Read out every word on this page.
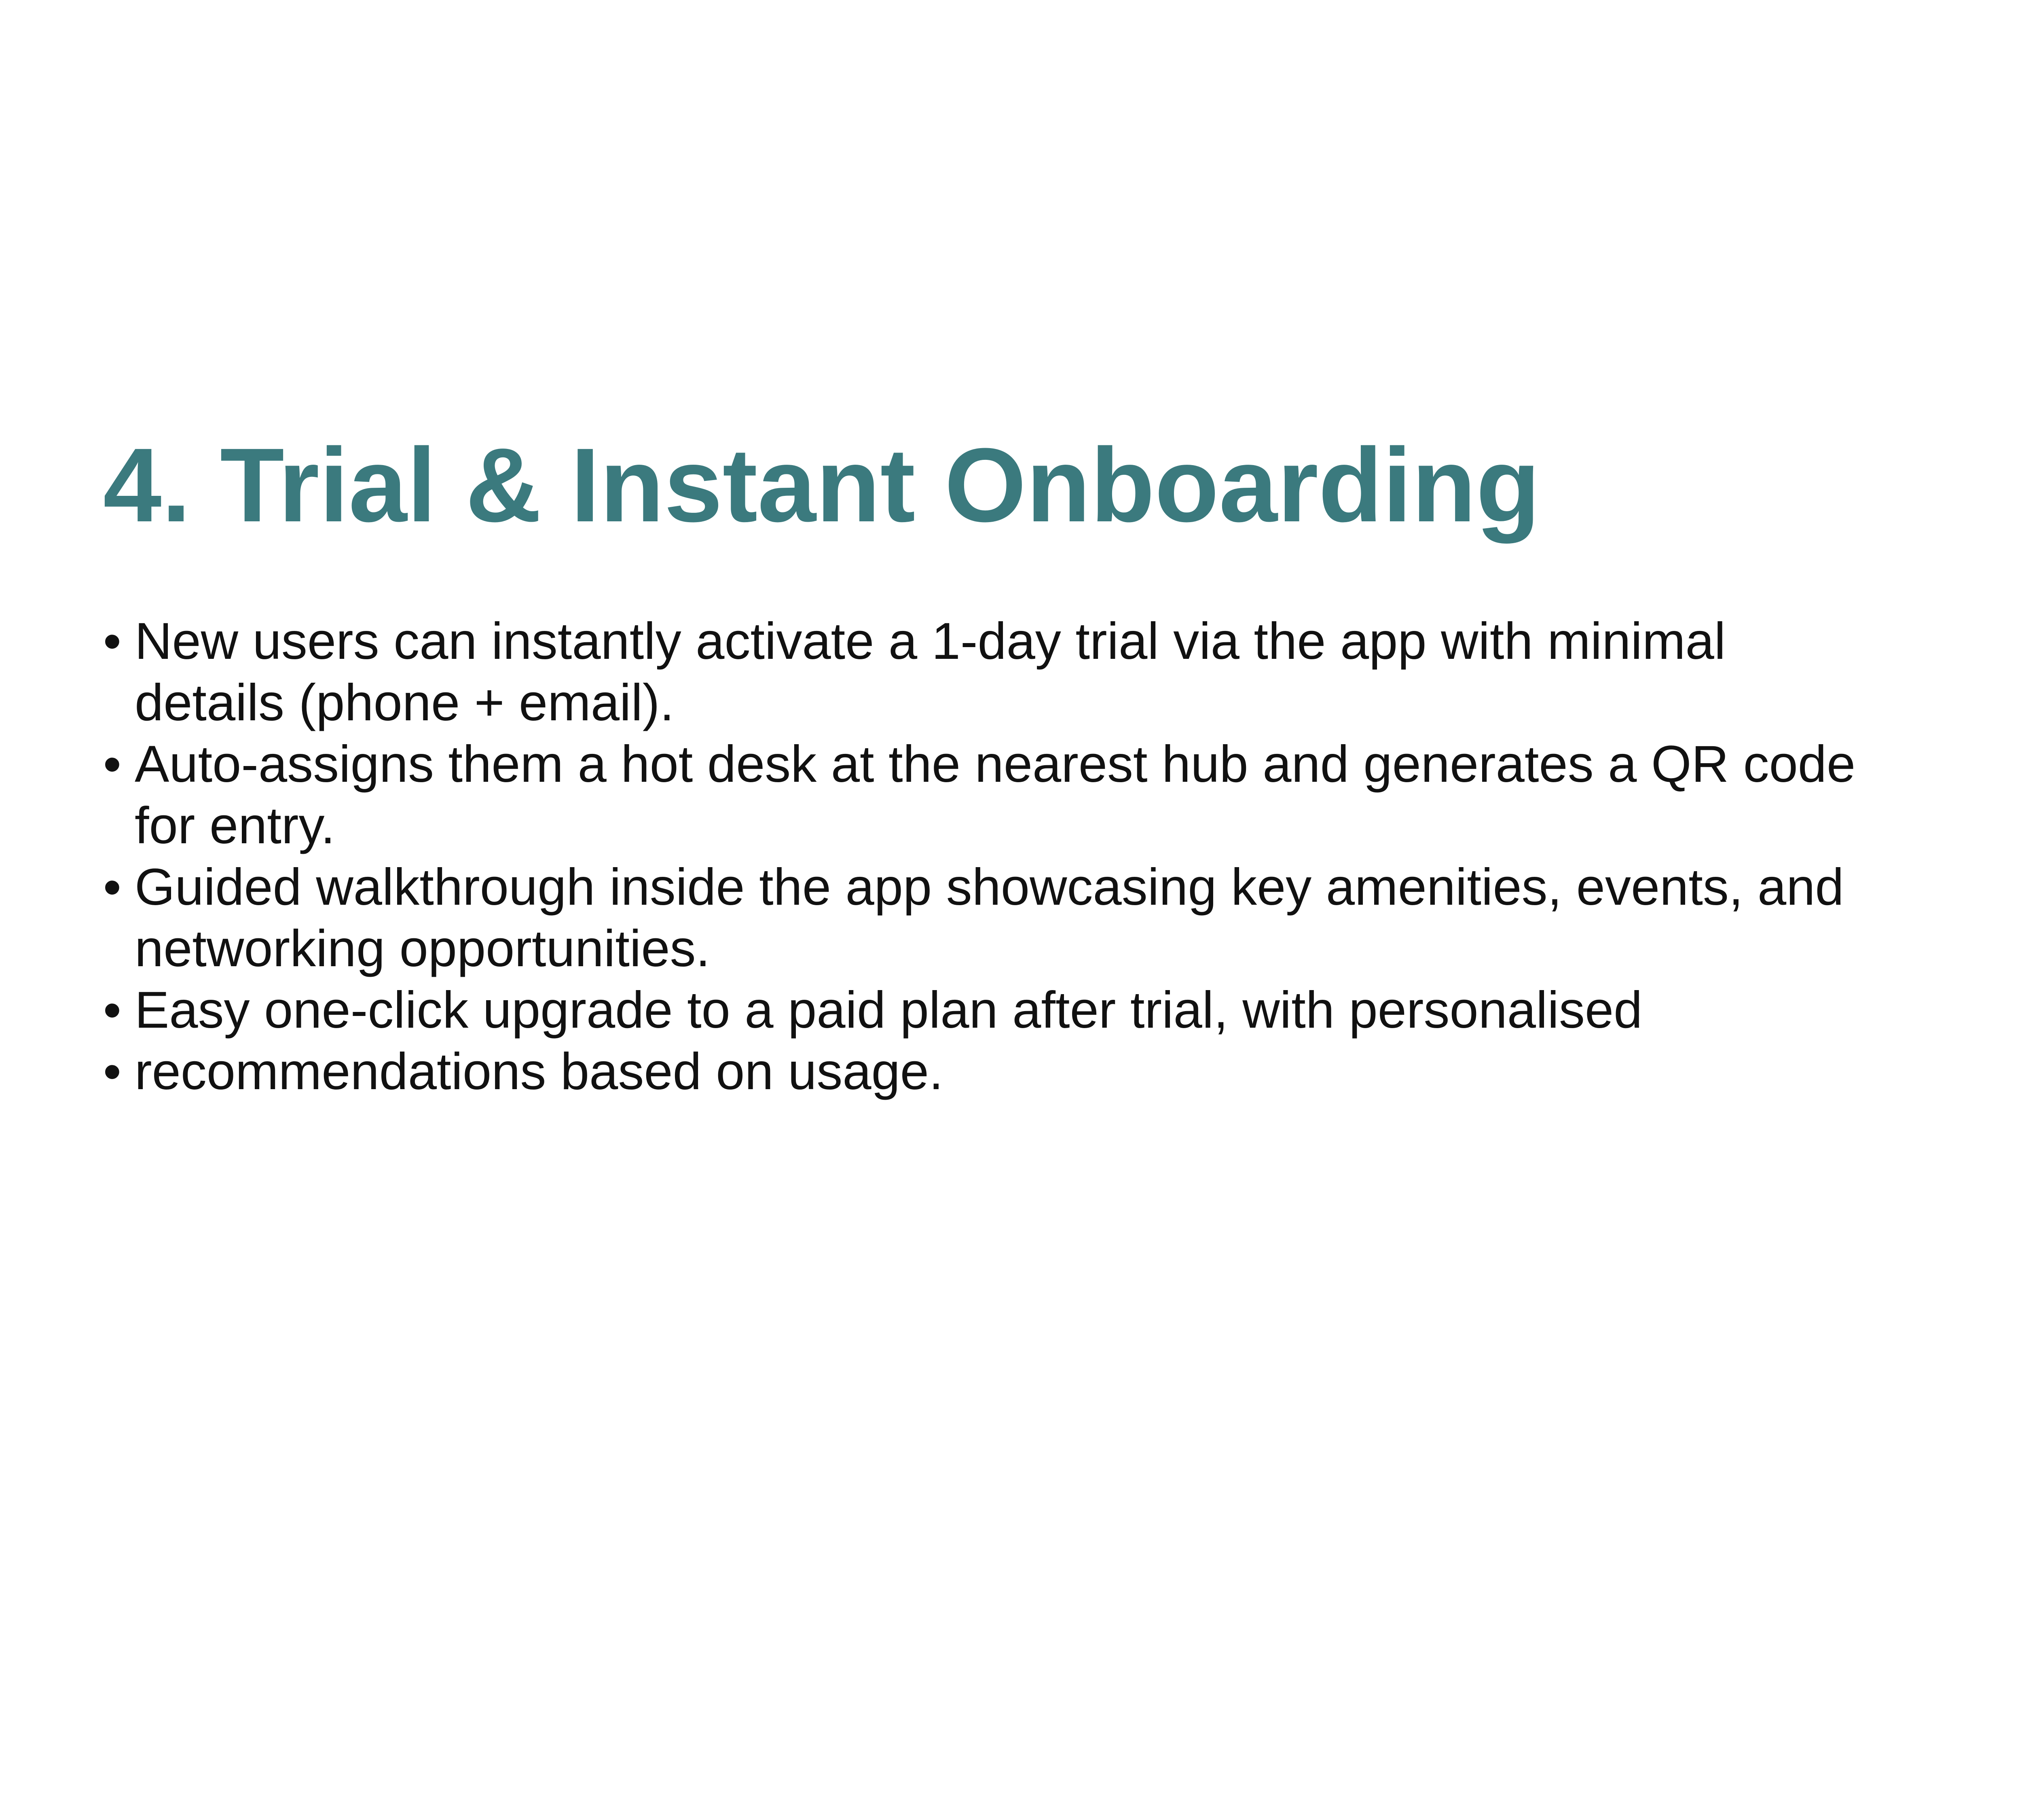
4. Trial & Instant Onboarding
• New users can instantly activate a 1-day trial via the app with minimal details (phone + email).
• Auto-assigns them a hot desk at the nearest hub and generates a QR code for entry.
• Guided walkthrough inside the app showcasing key amenities, events, and networking opportunities.
• Easy one-click upgrade to a paid plan after trial, with personalised
• recommendations based on usage.
